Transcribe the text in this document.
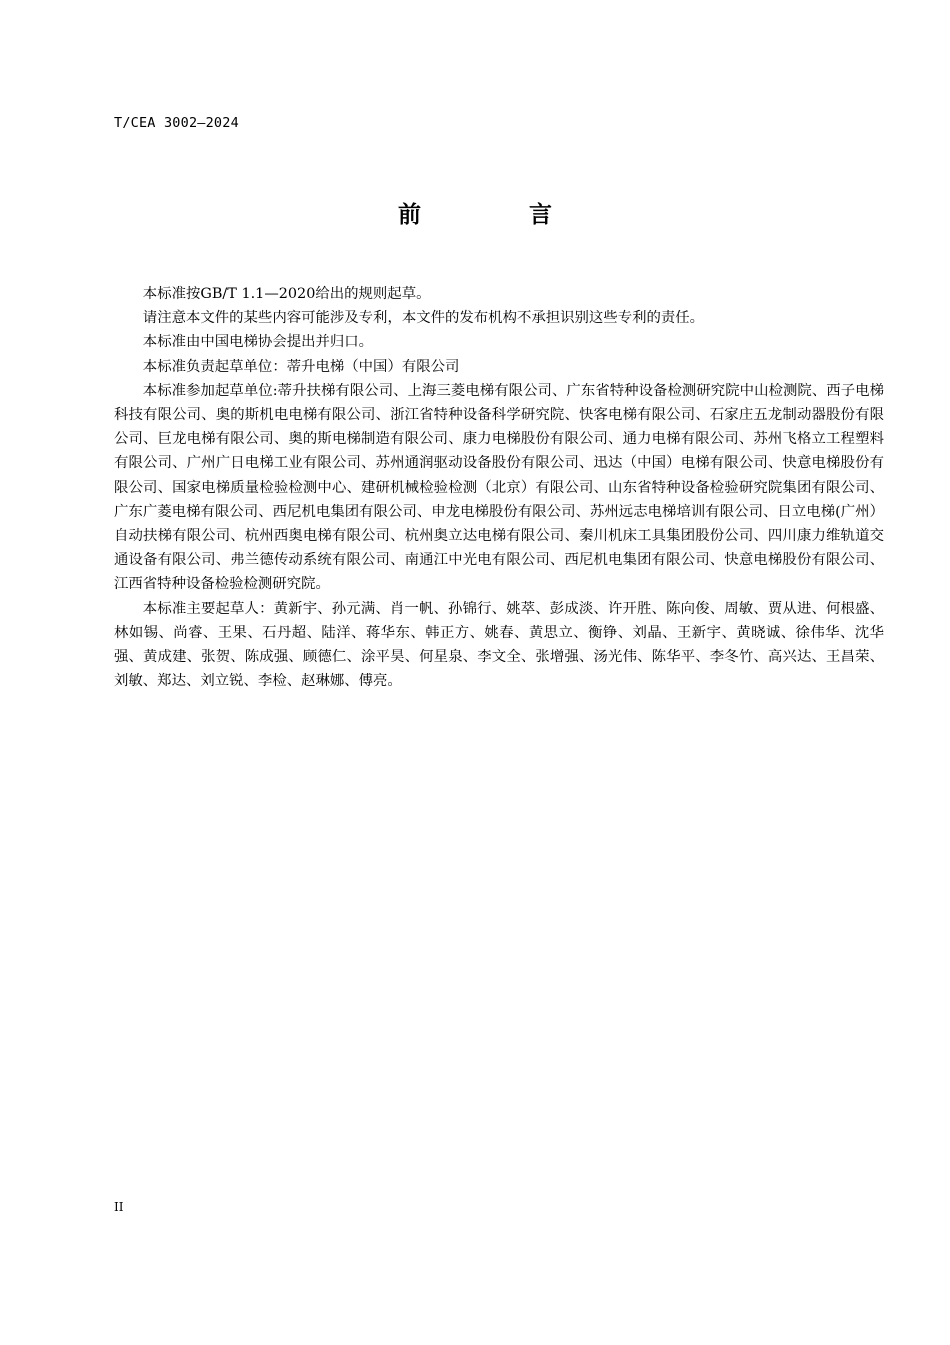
T/CEA 3002—2024
前 言

本标准按GB/T 1.1—2020给出的规则起草。

请注意本文件的某些内容可能涉及专利，本文件的发布机构不承担识别这些专利的责任。

本标准由中国电梯协会提出并归口。

本标准负责起草单位：蒂升电梯（中国）有限公司

本标准参加起草单位:蒂升扶梯有限公司、上海三菱电梯有限公司、广东省特种设备检测研究院中山检测院、西子电梯科技有限公司、奥的斯机电电梯有限公司、浙江省特种设备科学研究院、快客电梯有限公司、石家庄五龙制动器股份有限公司、巨龙电梯有限公司、奥的斯电梯制造有限公司、康力电梯股份有限公司、通力电梯有限公司、苏州飞格立工程塑料有限公司、广州广日电梯工业有限公司、苏州通润驱动设备股份有限公司、迅达（中国）电梯有限公司、快意电梯股份有限公司、国家电梯质量检验检测中心、建研机械检验检测（北京）有限公司、山东省特种设备检验研究院集团有限公司、广东广菱电梯有限公司、西尼机电集团有限公司、申龙电梯股份有限公司、苏州远志电梯培训有限公司、日立电梯(广州）自动扶梯有限公司、杭州西奥电梯有限公司、杭州奥立达电梯有限公司、秦川机床工具集团股份公司、四川康力维轨道交通设备有限公司、弗兰德传动系统有限公司、南通江中光电有限公司、西尼机电集团有限公司、快意电梯股份有限公司、江西省特种设备检验检测研究院。

本标准主要起草人：黄新宇、孙元满、肖一帆、孙锦行、姚萃、彭成淡、许开胜、陈向俊、周敏、贾从进、何根盛、林如锡、尚睿、王果、石丹超、陆洋、蒋华东、韩正方、姚春、黄思立、衡铮、刘晶、王新宇、黄晓诚、徐伟华、沈华强、黄成建、张贺、陈成强、顾德仁、涂平昊、何星泉、李文全、张增强、汤光伟、陈华平、李冬竹、高兴达、王昌荣、刘敏、郑达、刘立锐、李检、赵琳娜、傅亮。

II
